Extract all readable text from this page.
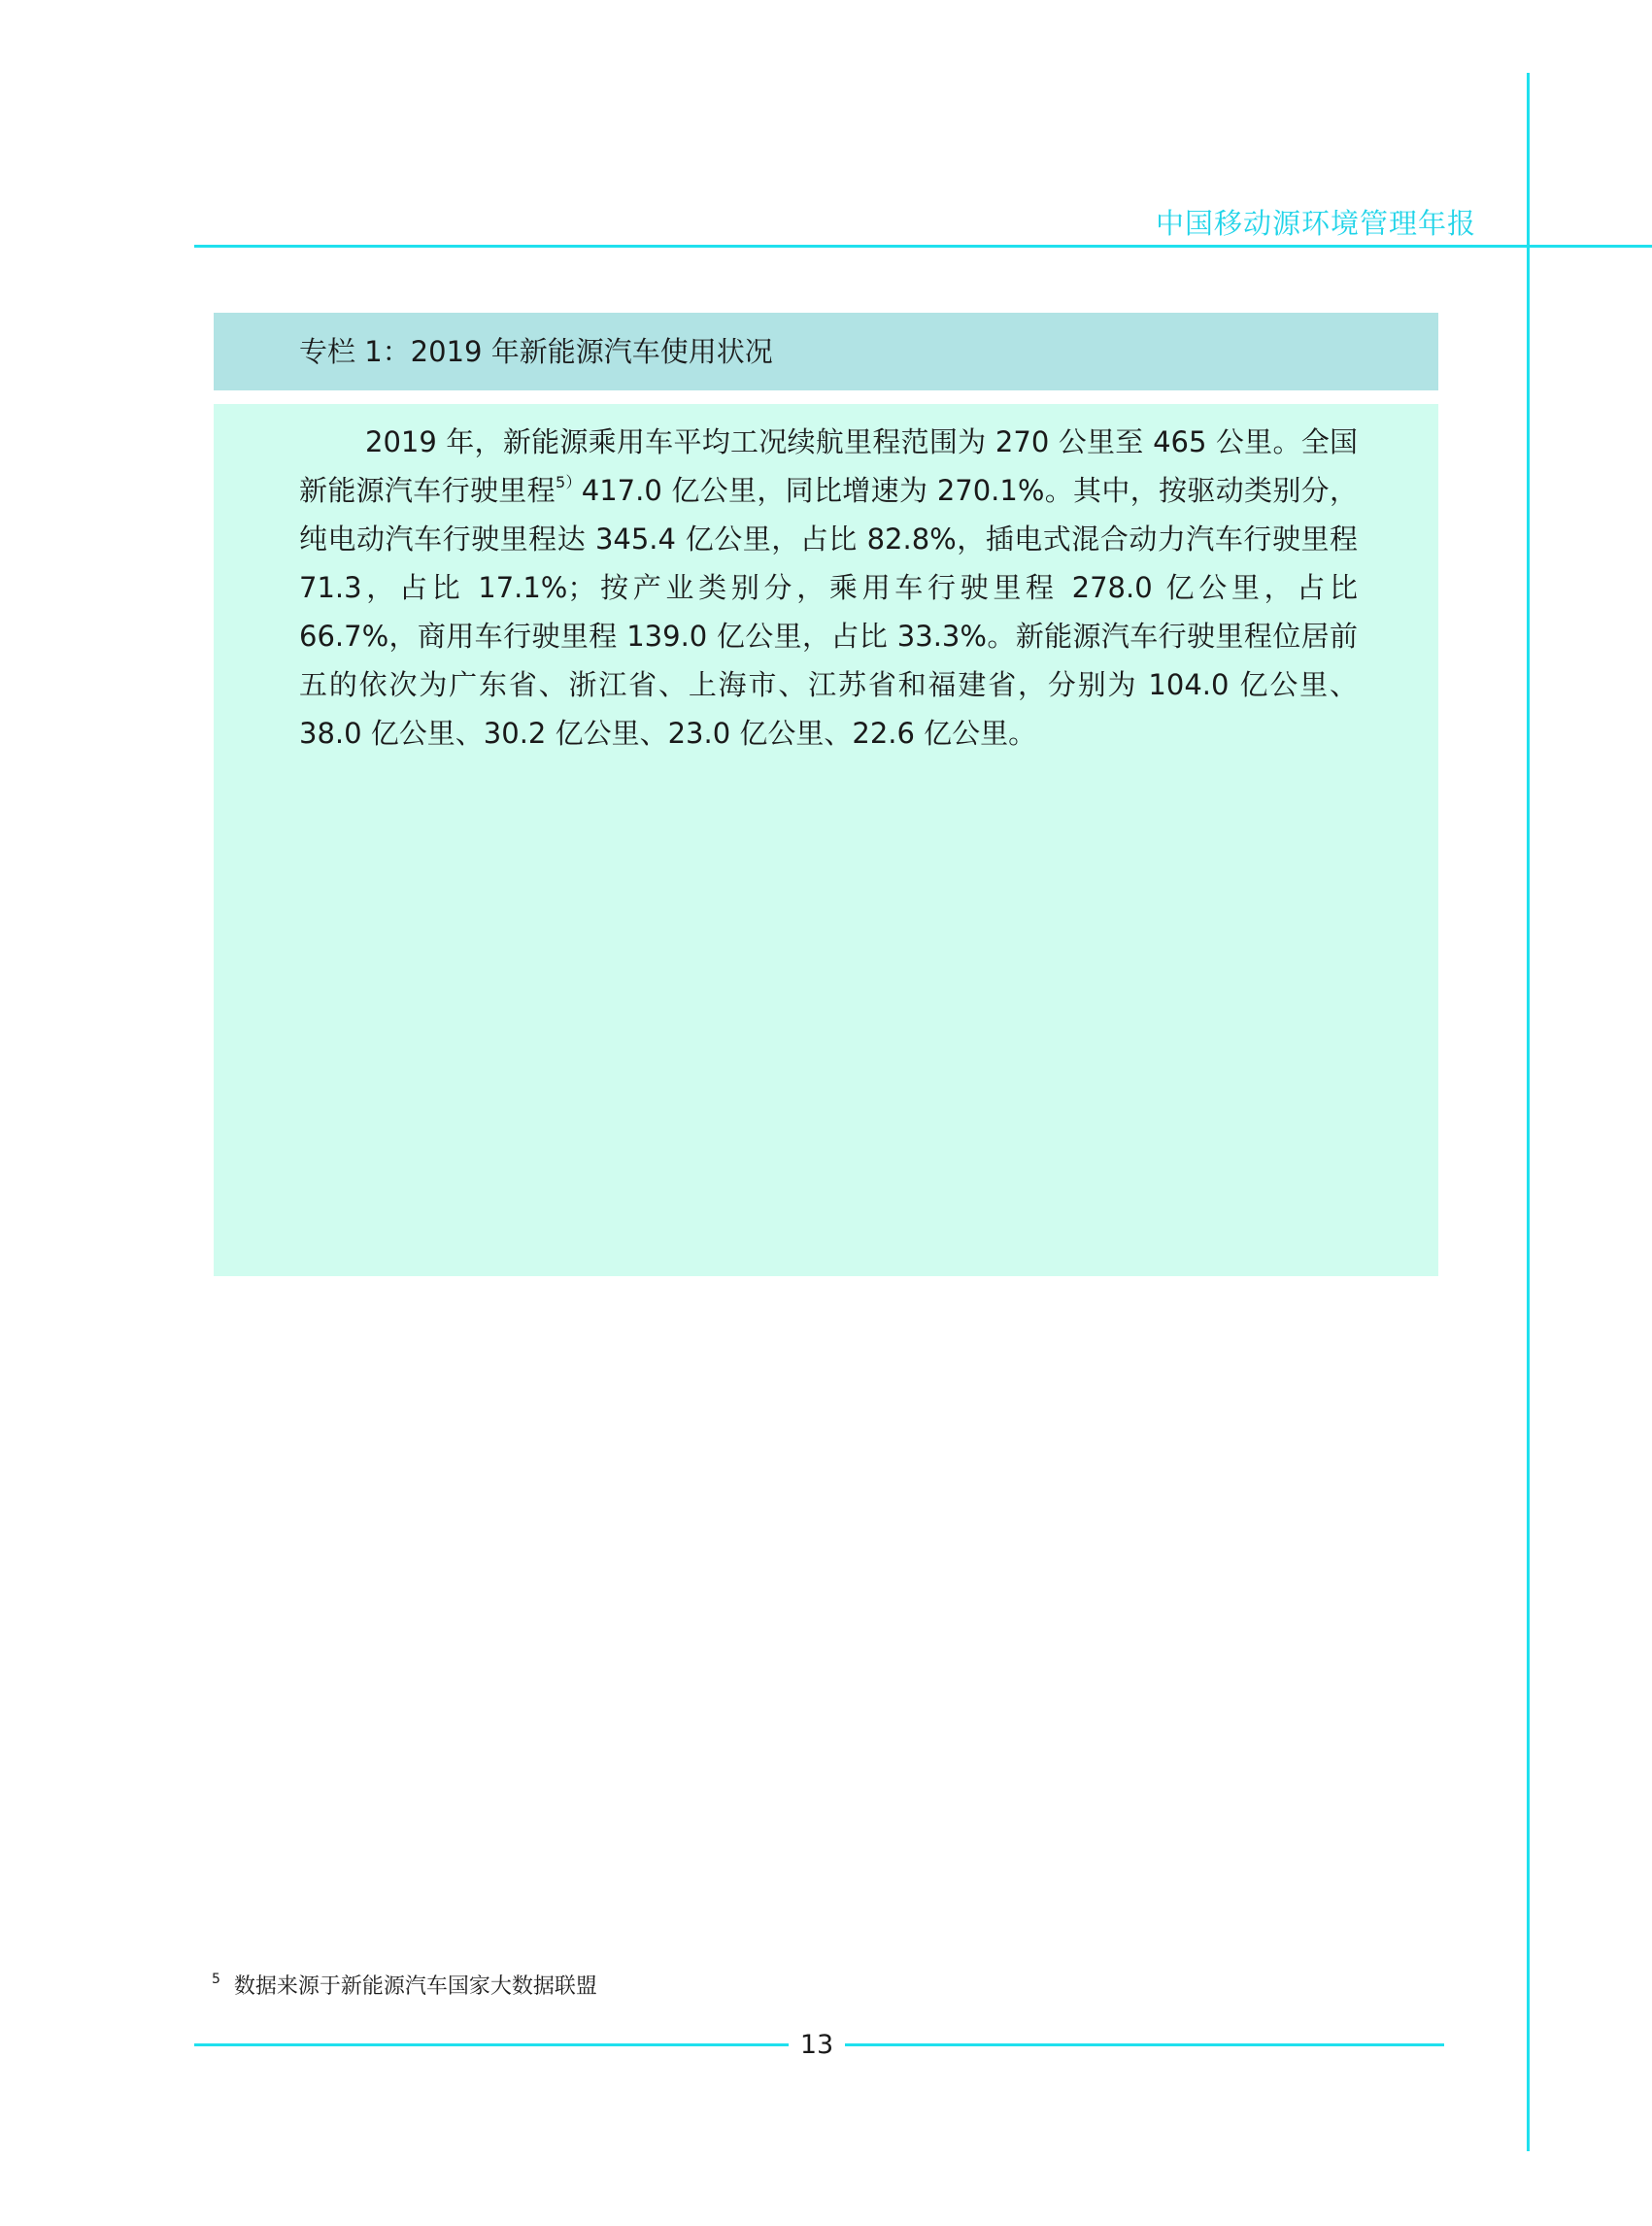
中国移动源环境管理年报
专栏 1：2019 年新能源汽车使用状况

2019 年，新能源乘用车平均工况续航里程范围为 270 公里至 465 公里。全国新能源汽车行驶里程$^{5)}$417.0 亿公里，同比增速为 270.1%。其中，按驱动类别分，纯电动汽车行驶里程达 345.4 亿公里，占比 82.8%，插电式混合动力汽车行驶里程 71.3，占比 17.1%；按产业类别分，乘用车行驶里程 278.0 亿公里，占比 66.7%，商用车行驶里程 139.0 亿公里，占比 33.3%。新能源汽车行驶里程位居前五的依次为广东省、浙江省、上海市、江苏省和福建省，分别为 104.0 亿公里、38.0 亿公里、30.2 亿公里、23.0 亿公里、22.6 亿公里。

$^5$ 数据来源于新能源汽车国家大数据联盟
13
